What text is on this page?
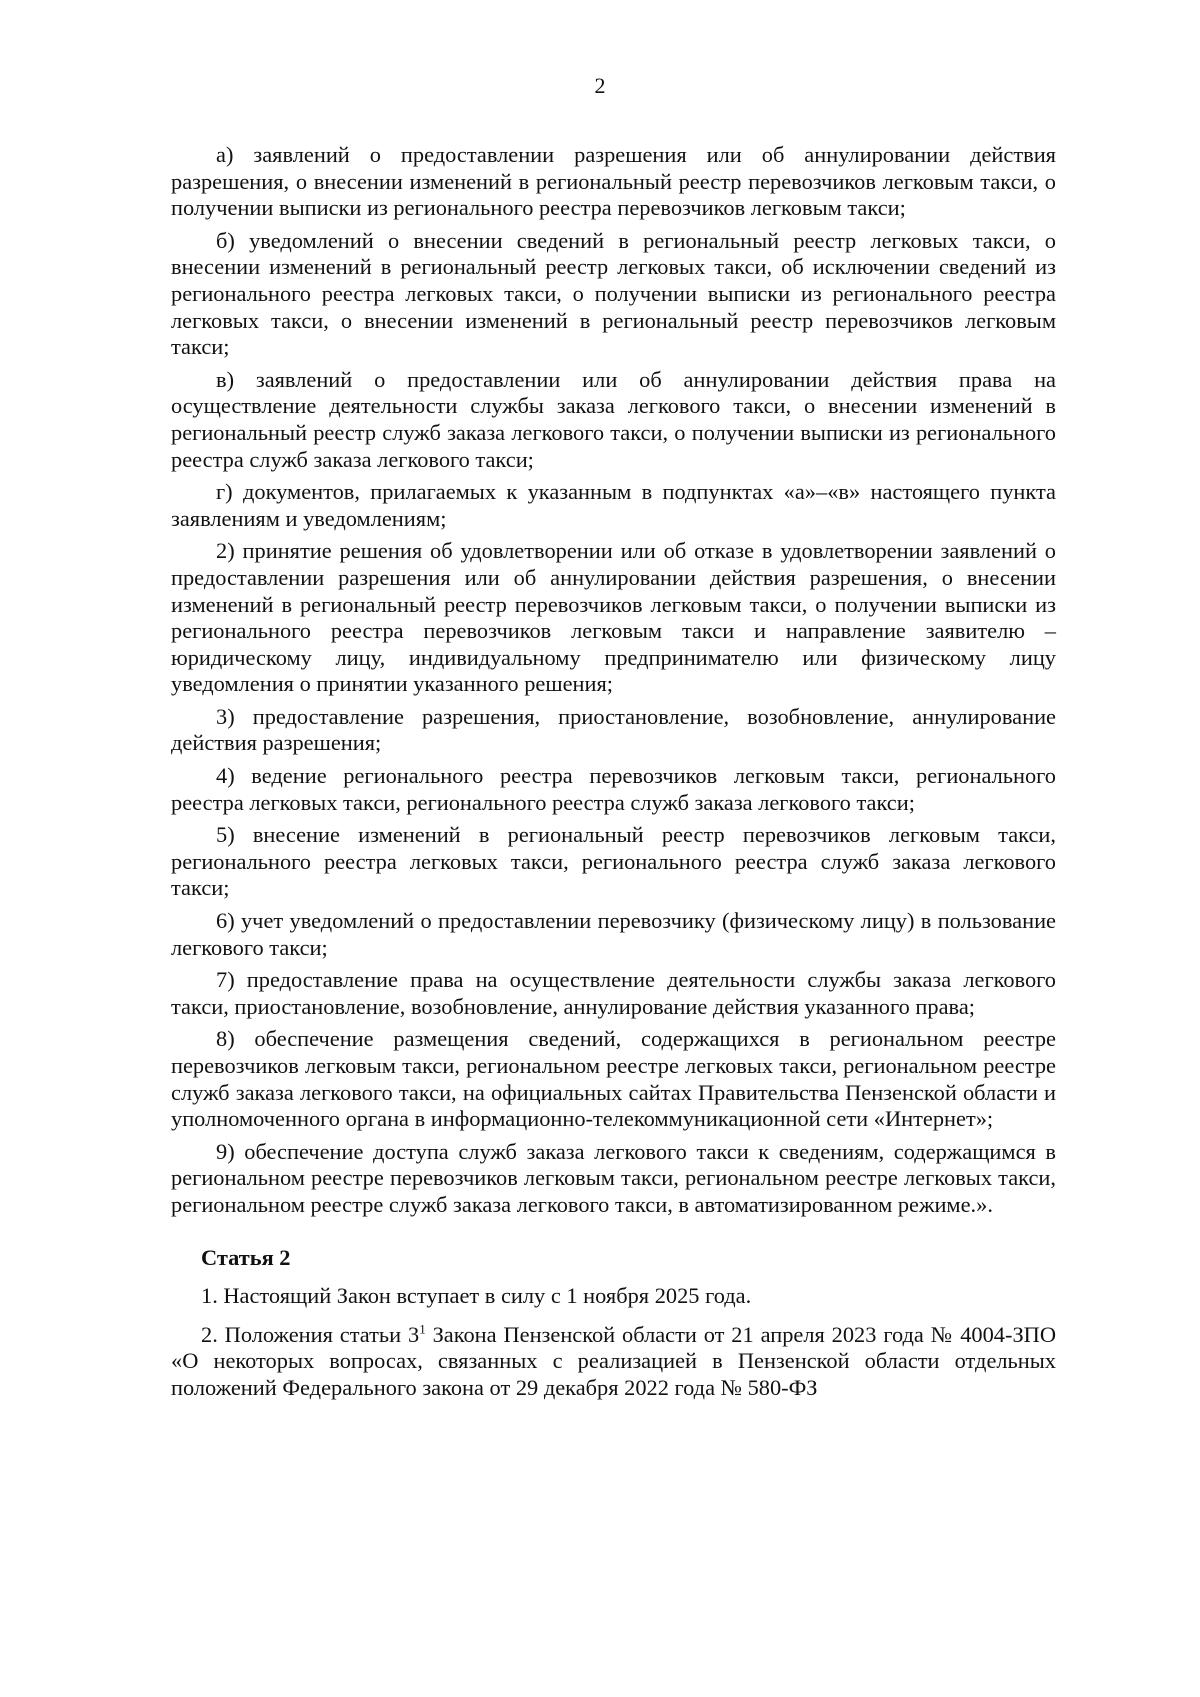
2

а) заявлений о предоставлении разрешения или об аннулировании действия разрешения, о внесении изменений в региональный реестр перевозчиков легковым такси, о получении выписки из регионального реестра перевозчиков легковым такси;

б) уведомлений о внесении сведений в региональный реестр легковых такси, о внесении изменений в региональный реестр легковых такси, об исключении сведений из регионального реестра легковых такси, о получении выписки из регионального реестра легковых такси, о внесении изменений в региональный реестр перевозчиков легковым такси;

в) заявлений о предоставлении или об аннулировании действия права на осуществление деятельности службы заказа легкового такси, о внесении изменений в региональный реестр служб заказа легкового такси, о получении выписки из регионального реестра служб заказа легкового такси;

г) документов, прилагаемых к указанным в подпунктах «а»–«в» настоящего пункта заявлениям и уведомлениям;

2) принятие решения об удовлетворении или об отказе в удовлетворении заявлений о предоставлении разрешения или об аннулировании действия разрешения, о внесении изменений в региональный реестр перевозчиков легковым такси, о получении выписки из регионального реестра перевозчиков легковым такси и направление заявителю – юридическому лицу, индивидуальному предпринимателю или физическому лицу уведомления о принятии указанного решения;

3) предоставление разрешения, приостановление, возобновление, аннулирование действия разрешения;

4) ведение регионального реестра перевозчиков легковым такси, регионального реестра легковых такси, регионального реестра служб заказа легкового такси;

5) внесение изменений в региональный реестр перевозчиков легковым такси, регионального реестра легковых такси, регионального реестра служб заказа легкового такси;

6) учет уведомлений о предоставлении перевозчику (физическому лицу) в пользование легкового такси;

7) предоставление права на осуществление деятельности службы заказа легкового такси, приостановление, возобновление, аннулирование действия указанного права;

8) обеспечение размещения сведений, содержащихся в региональном реестре перевозчиков легковым такси, региональном реестре легковых такси, региональном реестре служб заказа легкового такси, на официальных сайтах Правительства Пензенской области и уполномоченного органа в информационно-телекоммуникационной сети «Интернет»;

9) обеспечение доступа служб заказа легкового такси к сведениям, содержащимся в региональном реестре перевозчиков легковым такси, региональном реестре легковых такси, региональном реестре служб заказа легкового такси, в автоматизированном режиме.».

Статья 2

1. Настоящий Закон вступает в силу с 1 ноября 2025 года.

2. Положения статьи $3^1$ Закона Пензенской области от 21 апреля 2023 года № 4004-ЗПО «О некоторых вопросах, связанных с реализацией в Пензенской области отдельных положений Федерального закона от 29 декабря 2022 года № 580-ФЗ
